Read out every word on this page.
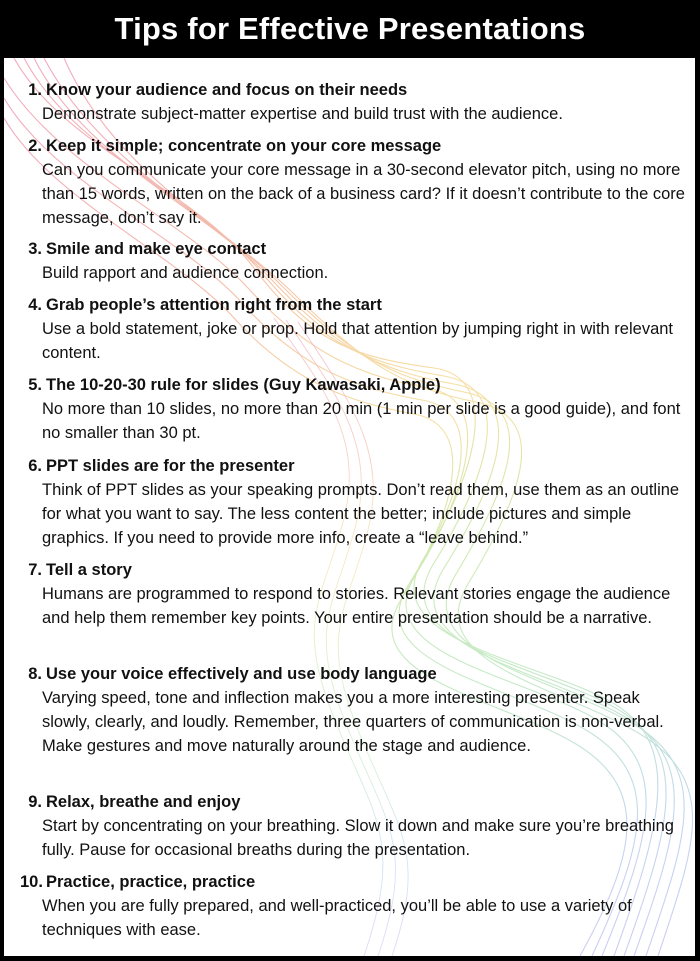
Tips for Effective Presentations
1. Know your audience and focus on their needs
Demonstrate subject-matter expertise and build trust with the audience.
2. Keep it simple; concentrate on your core message
Can you communicate your core message in a 30-second elevator pitch, using no more than 15 words, written on the back of a business card? If it doesn’t contribute to the core message, don’t say it.
3. Smile and make eye contact
Build rapport and audience connection.
4. Grab people’s attention right from the start
Use a bold statement, joke or prop. Hold that attention by jumping right in with relevant content.
5. The 10-20-30 rule for slides (Guy Kawasaki, Apple)
No more than 10 slides, no more than 20 min (1 min per slide is a good guide), and font no smaller than 30 pt.
6. PPT slides are for the presenter
Think of PPT slides as your speaking prompts. Don’t read them, use them as an outline for what you want to say. The less content the better; include pictures and simple graphics. If you need to provide more info, create a “leave behind.”
7. Tell a story
Humans are programmed to respond to stories. Relevant stories engage the audience and help them remember key points. Your entire presentation should be a narrative.
8. Use your voice effectively and use body language
Varying speed, tone and inflection makes you a more interesting presenter. Speak slowly, clearly, and loudly. Remember, three quarters of communication is non-verbal. Make gestures and move naturally around the stage and audience.
9. Relax, breathe and enjoy
Start by concentrating on your breathing. Slow it down and make sure you’re breathing fully. Pause for occasional breaths during the presentation.
10. Practice, practice, practice
When you are fully prepared, and well-practiced, you’ll be able to use a variety of techniques with ease.
